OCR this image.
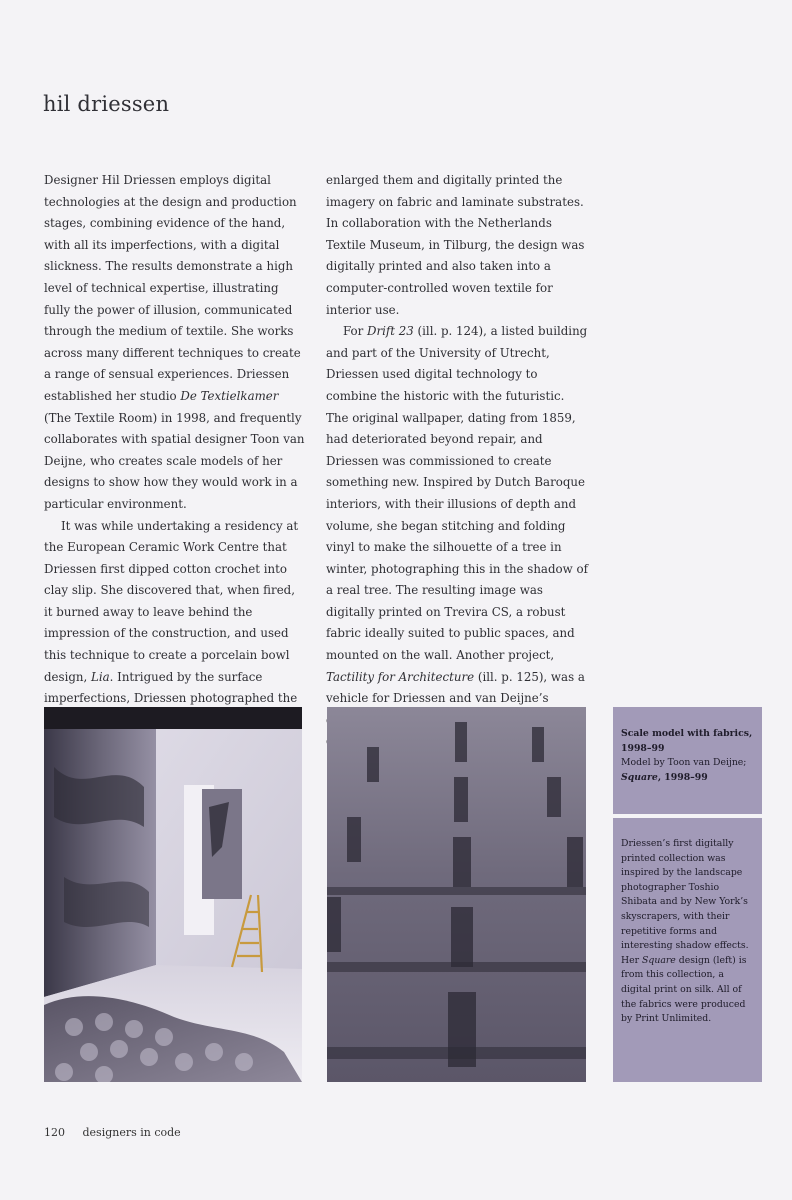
hil driessen

Designer Hil Driessen employs digital technologies at the design and production stages, combining evidence of the hand, with all its imperfections, with a digital slickness. The results demonstrate a high level of technical expertise, illustrating fully the power of illusion, communicated through the medium of textile. She works across many different techniques to create a range of sensual experiences. Driessen established her studio De Textielkamer (The Textile Room) in 1998, and frequently collaborates with spatial designer Toon van Deijne, who creates scale models of her designs to show how they would work in a particular environment.

It was while undertaking a residency at the European Ceramic Work Centre that Driessen first dipped cotton crochet into clay slip. She discovered that, when fired, it burned away to leave behind the impression of the construction, and used this technique to create a porcelain bowl design, Lia. Intrigued by the surface imperfections, Driessen photographed the

enlarged them and digitally printed the imagery on fabric and laminate substrates. In collaboration with the Netherlands Textile Museum, in Tilburg, the design was digitally printed and also taken into a computer-controlled woven textile for interior use.

For Drift 23 (ill. p. 124), a listed building and part of the University of Utrecht, Driessen used digital technology to combine the historic with the futuristic. The original wallpaper, dating from 1859, had deteriorated beyond repair, and Driessen was commissioned to create something new. Inspired by Dutch Baroque interiors, with their illusions of depth and volume, she began stitching and folding vinyl to make the silhouette of a tree in winter, photographing this in the shadow of a real tree. The resulting image was digitally printed on Trevira CS, a robust fabric ideally suited to public spaces, and mounted on the wall. Another project, Tactility for Architecture (ill. p. 125), was a vehicle for Driessen and van Deijne’s

Scale model with fabrics, 1998–99
Model by Toon van Deijne;
Square, 1998–99
Driessen’s first digitally printed collection was inspired by the landscape photographer Toshio Shibata and by New York’s skyscrapers, with their repetitive forms and interesting shadow effects. Her Square design (left) is from this collection, a digital print on silk. All of the fabrics were produced by Print Unlimited.
120 designers in code
